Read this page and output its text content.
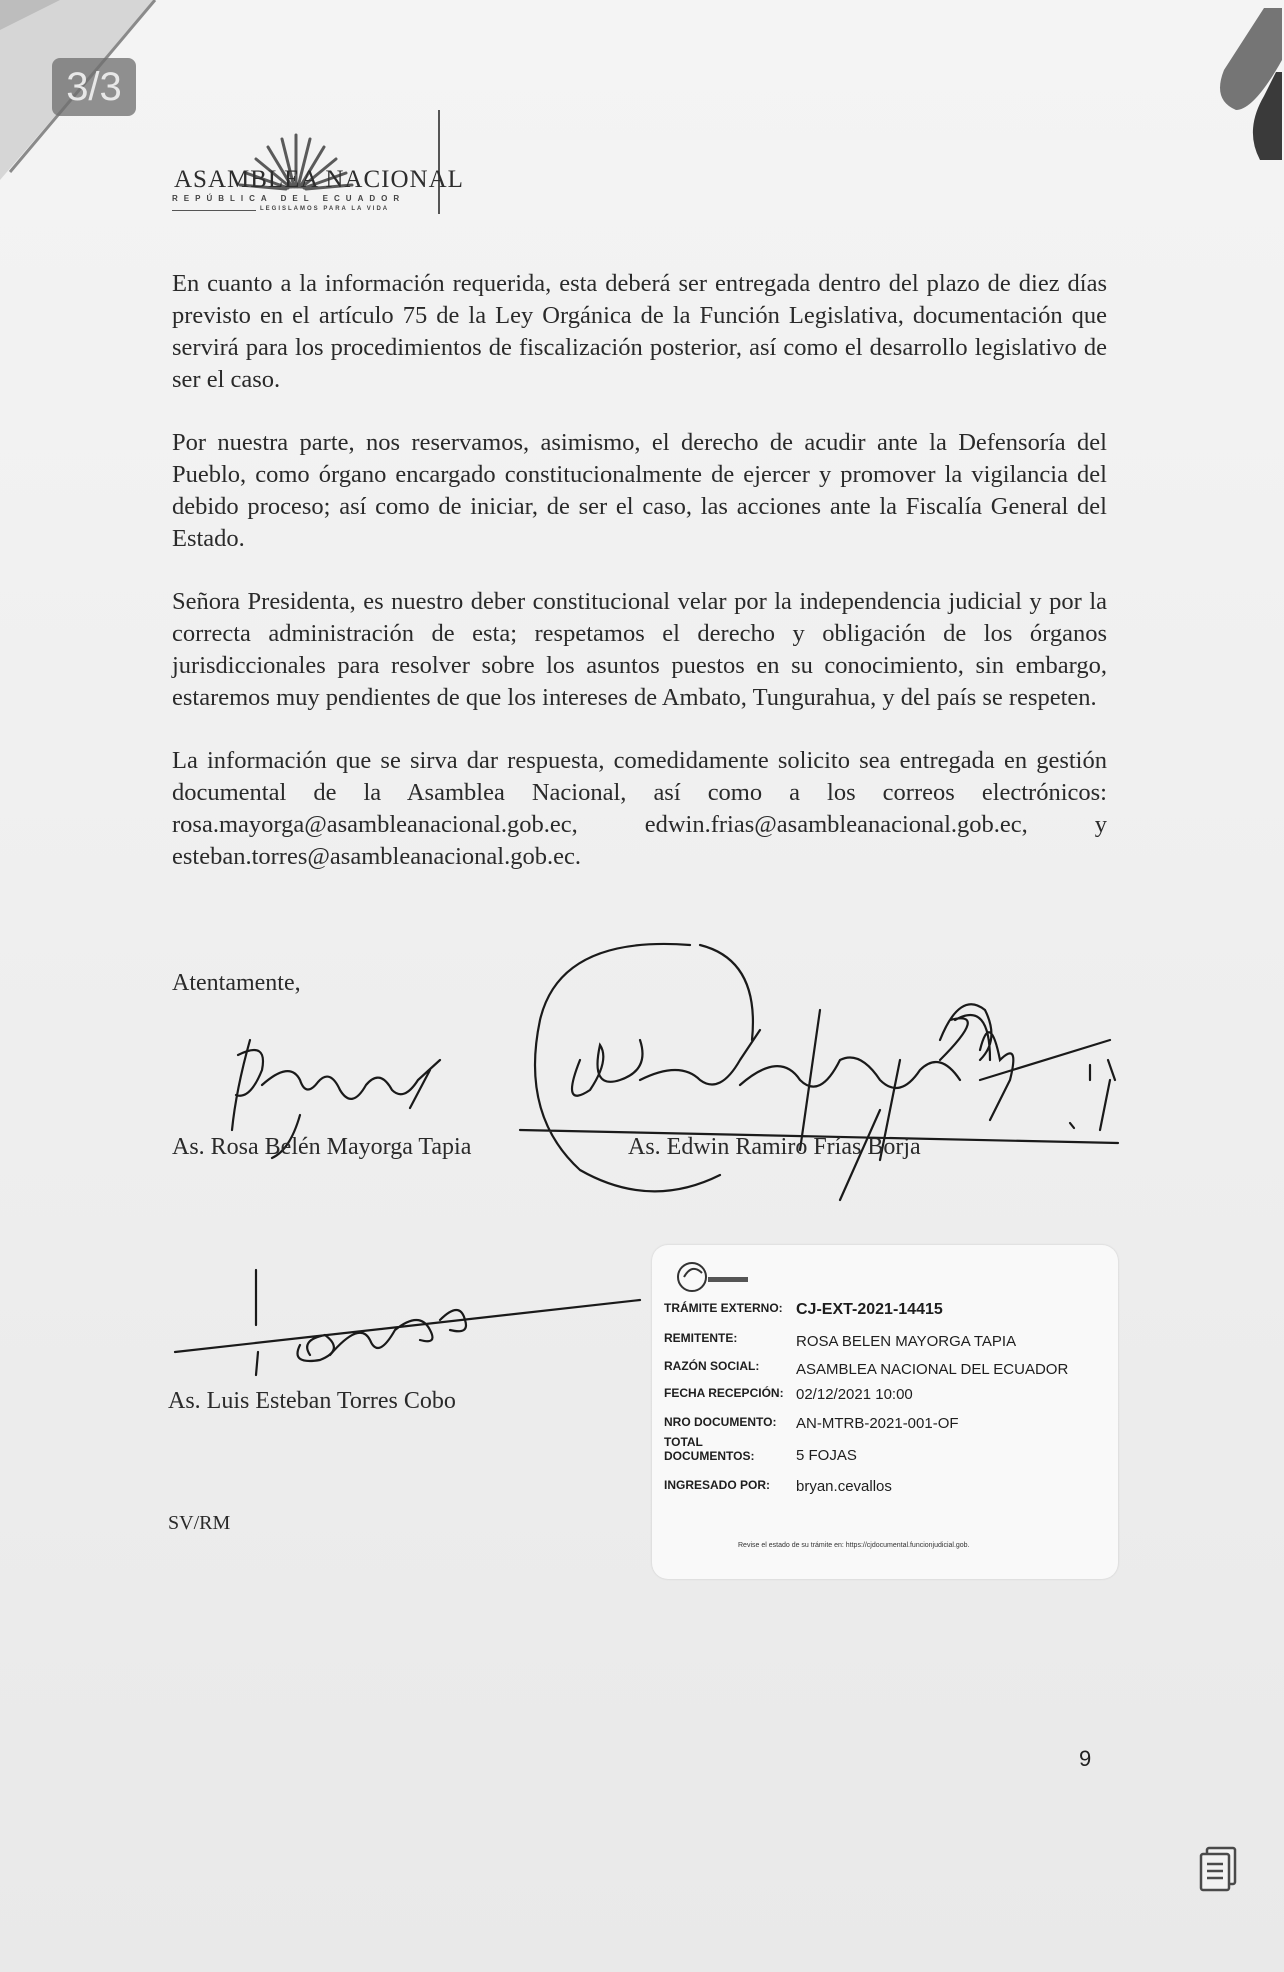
3/3
ASAMBLEA NACIONAL
REPÚBLICA DEL ECUADOR
LEGISLAMOS PARA LA VIDA

En cuanto a la información requerida, esta deberá ser entregada dentro del plazo de diez días previsto en el artículo 75 de la Ley Orgánica de la Función Legislativa, documentación que servirá para los procedimientos de fiscalización posterior, así como el desarrollo legislativo de ser el caso.

Por nuestra parte, nos reservamos, asimismo, el derecho de acudir ante la Defensoría del Pueblo, como órgano encargado constitucionalmente de ejercer y promover la vigilancia del debido proceso; así como de iniciar, de ser el caso, las acciones ante la Fiscalía General del Estado.

Señora Presidenta, es nuestro deber constitucional velar por la independencia judicial y por la correcta administración de esta; respetamos el derecho y obligación de los órganos jurisdiccionales para resolver sobre los asuntos puestos en su conocimiento, sin embargo, estaremos muy pendientes de que los intereses de Ambato, Tungurahua, y del país se respeten.

La información que se sirva dar respuesta, comedidamente solicito sea entregada en gestión documental de la Asamblea Nacional, así como a los correos electrónicos: rosa.mayorga@asambleanacional.gob.ec, edwin.frias@asambleanacional.gob.ec, y esteban.torres@asambleanacional.gob.ec.

Atentamente,
As. Rosa Belén Mayorga Tapia	As. Edwin Ramiro Frías Borja
As. Luis Esteban Torres Cobo
SV/RM
TRÁMITE EXTERNO: CJ-EXT-2021-14415
REMITENTE:	ROSA BELEN MAYORGA TAPIA
RAZÓN SOCIAL:	ASAMBLEA NACIONAL DEL ECUADOR
FECHA RECEPCIÓN: 02/12/2021 10:00
NRO DOCUMENTO:	AN-MTRB-2021-001-OF
TOTAL DOCUMENTOS:	5 FOJAS
INGRESADO POR:	bryan.cevallos
Revise el estado de su trámite en: https://cjdocumental.funcionjudicial.gob.
9
